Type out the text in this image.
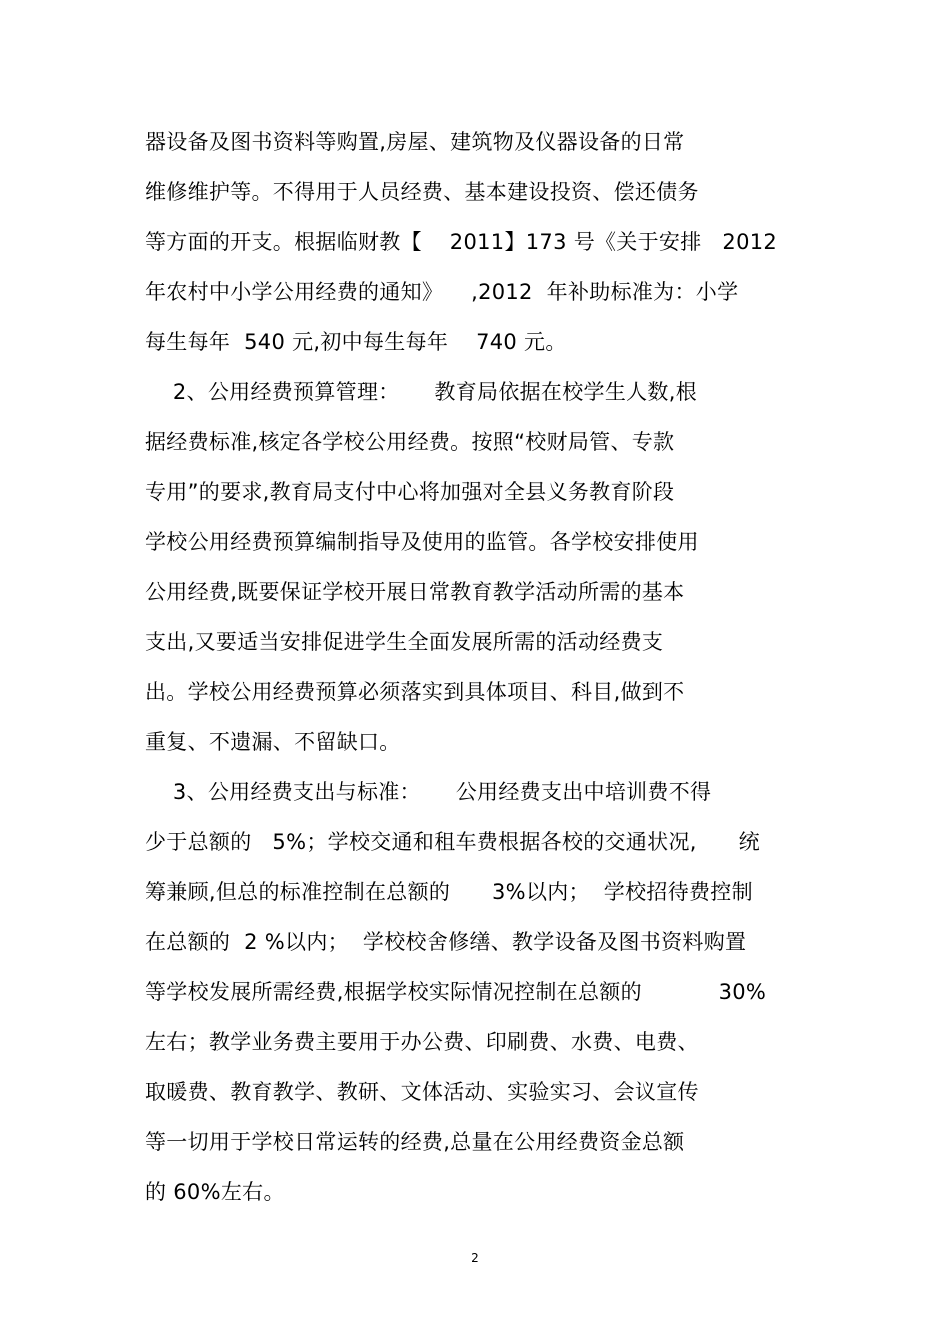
器设备及图书资料等购置,房屋、建筑物及仪器设备的日常
维修维护等。不得用于人员经费、基本建设投资、偿还债务
等方面的开支。根据临财教【    2011】173 号《关于安排   2012
年农村中小学公用经费的通知》    ,2012  年补助标准为：小学
每生每年  540 元,初中每生每年    740 元。
2、公用经费预算管理：     教育局依据在校学生人数,根
据经费标准,核定各学校公用经费。按照“校财局管、专款
专用”的要求,教育局支付中心将加强对全县义务教育阶段
学校公用经费预算编制指导及使用的监管。各学校安排使用
公用经费,既要保证学校开展日常教育教学活动所需的基本
支出,又要适当安排促进学生全面发展所需的活动经费支
出。学校公用经费预算必须落实到具体项目、科目,做到不
重复、不遗漏、不留缺口。
3、公用经费支出与标准：     公用经费支出中培训费不得
少于总额的   5%；学校交通和租车费根据各校的交通状况,      统
筹兼顾,但总的标准控制在总额的      3%以内；  学校招待费控制
在总额的  2 %以内；  学校校舍修缮、教学设备及图书资料购置
等学校发展所需经费,根据学校实际情况控制在总额的           30%
左右；教学业务费主要用于办公费、印刷费、水费、电费、
取暖费、教育教学、教研、文体活动、实验实习、会议宣传
等一切用于学校日常运转的经费,总量在公用经费资金总额
的 60%左右。
2
